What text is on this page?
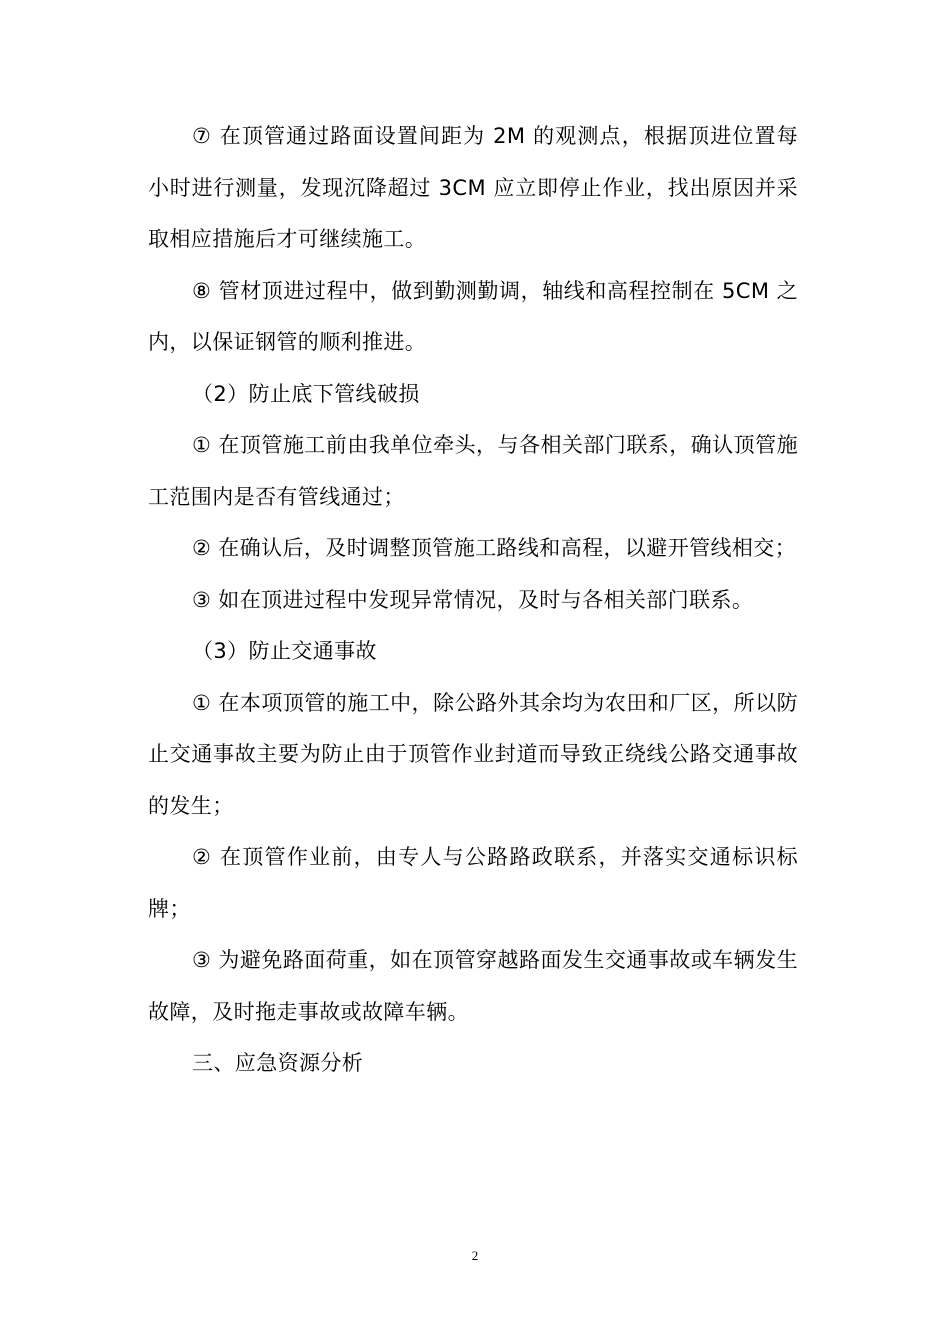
⑦ 在顶管通过路面设置间距为 2M 的观测点，根据顶进位置每小时进行测量，发现沉降超过 3CM 应立即停止作业，找出原因并采取相应措施后才可继续施工。

⑧ 管材顶进过程中，做到勤测勤调，轴线和高程控制在 5CM 之内，以保证钢管的顺利推进。

（2）防止底下管线破损

① 在顶管施工前由我单位牵头，与各相关部门联系，确认顶管施工范围内是否有管线通过；

② 在确认后，及时调整顶管施工路线和高程，以避开管线相交；

③ 如在顶进过程中发现异常情况，及时与各相关部门联系。

（3）防止交通事故

① 在本项顶管的施工中，除公路外其余均为农田和厂区，所以防止交通事故主要为防止由于顶管作业封道而导致正绕线公路交通事故的发生；

② 在顶管作业前，由专人与公路路政联系，并落实交通标识标牌；

③ 为避免路面荷重，如在顶管穿越路面发生交通事故或车辆发生故障，及时拖走事故或故障车辆。

三、应急资源分析

2
